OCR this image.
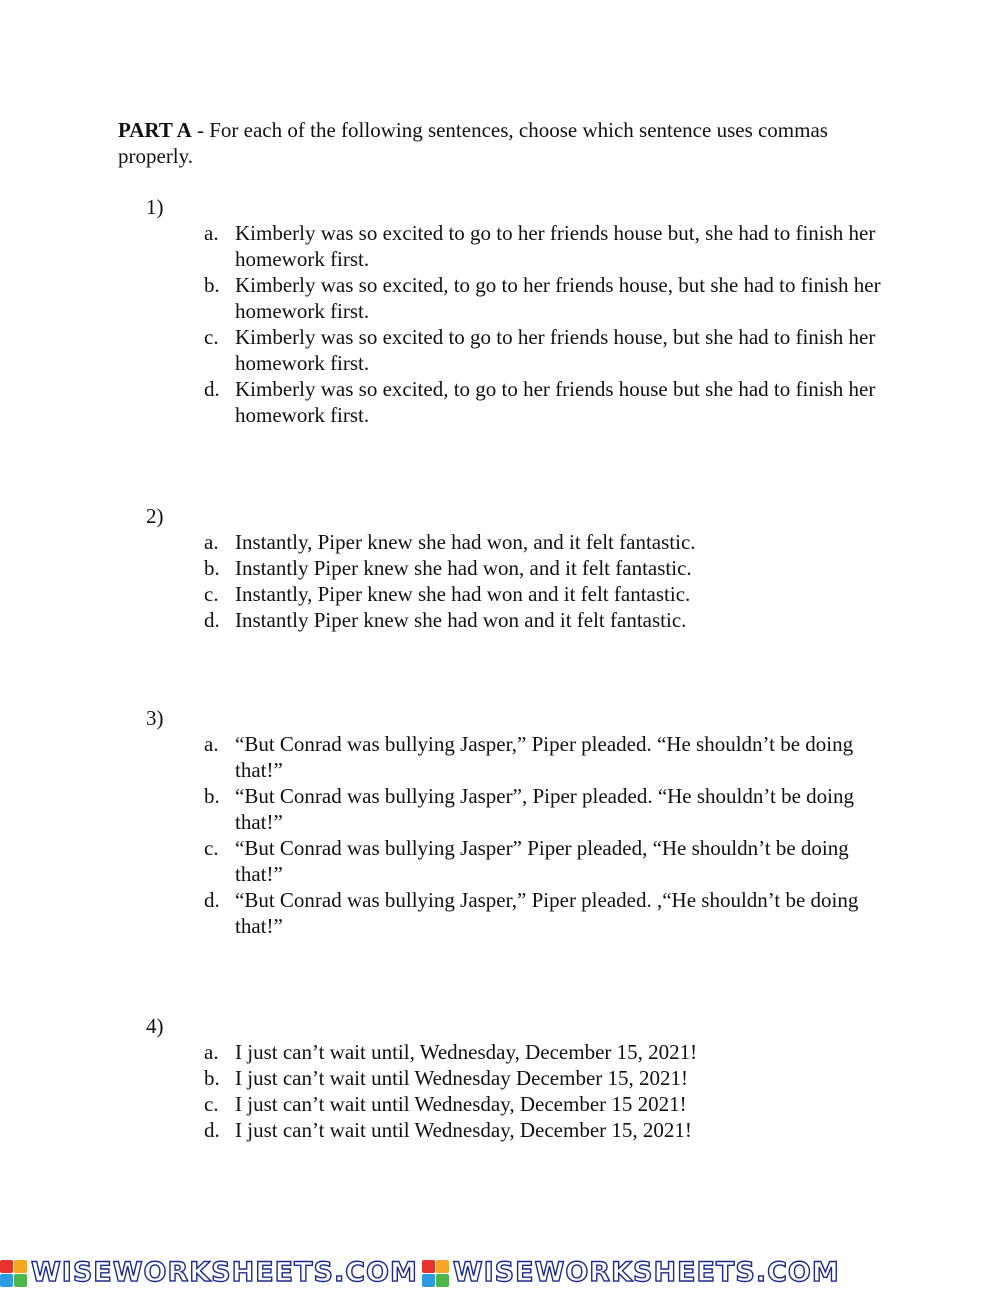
PART A - For each of the following sentences, choose which sentence uses commas properly.
1)
a. Kimberly was so excited to go to her friends house but, she had to finish her homework first.
b. Kimberly was so excited, to go to her friends house, but she had to finish her homework first.
c. Kimberly was so excited to go to her friends house, but she had to finish her homework first.
d. Kimberly was so excited, to go to her friends house but she had to finish her homework first.
2)
a. Instantly, Piper knew she had won, and it felt fantastic.
b. Instantly Piper knew she had won, and it felt fantastic.
c. Instantly, Piper knew she had won and it felt fantastic.
d. Instantly Piper knew she had won and it felt fantastic.
3)
a. “But Conrad was bullying Jasper,” Piper pleaded. “He shouldn’t be doing that!”
b. “But Conrad was bullying Jasper”, Piper pleaded. “He shouldn’t be doing that!”
c. “But Conrad was bullying Jasper” Piper pleaded, “He shouldn’t be doing that!”
d. “But Conrad was bullying Jasper,” Piper pleaded. ,“He shouldn’t be doing that!”
4)
a. I just can’t wait until, Wednesday, December 15, 2021!
b. I just can’t wait until Wednesday December 15, 2021!
c. I just can’t wait until Wednesday, December 15 2021!
d. I just can’t wait until Wednesday, December 15, 2021!
WISEWORKSHEETS.COM WISEWORKSHEETS.COM
